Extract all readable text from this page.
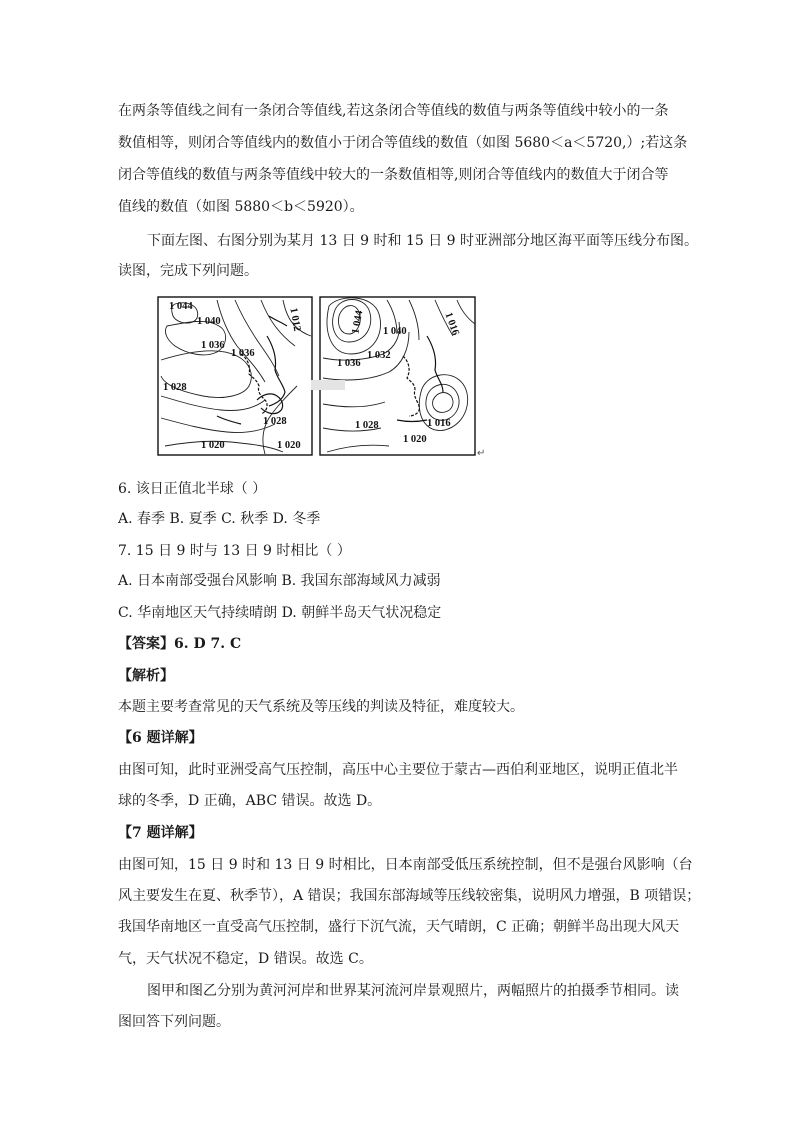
在两条等值线之间有一条闭合等值线,若这条闭合等值线的数值与两条等值线中较小的一条
数值相等，则闭合等值线内的数值小于闭合等值线的数值（如图 5680＜a＜5720,）;若这条
闭合等值线的数值与两条等值线中较大的一条数值相等,则闭合等值线内的数值大于闭合等
值线的数值（如图 5880＜b＜5920）。
下面左图、右图分别为某月 13 日 9 时和 15 日 9 时亚洲部分地区海平面等压线分布图。
读图，完成下列问题。
1 044
1 040
1 036
1 036
1 028
1 028
1 020	1 020
1 012	1 044 1 040
1 032
1 036
1 028	1 016
1 020
1 016
↵
6. 该日正值北半球（ ）
A. 春季 B. 夏季 C. 秋季 D. 冬季
7. 15 日 9 时与 13 日 9 时相比（ ）
A. 日本南部受强台风影响 B. 我国东部海域风力减弱
C. 华南地区天气持续晴朗 D. 朝鲜半岛天气状况稳定
【答案】6. D 7. C
【解析】
本题主要考查常见的天气系统及等压线的判读及特征，难度较大。
【6 题详解】
由图可知，此时亚洲受高气压控制，高压中心主要位于蒙古—西伯利亚地区，说明正值北半
球的冬季，D 正确，ABC 错误。故选 D。
【7 题详解】
由图可知，15 日 9 时和 13 日 9 时相比，日本南部受低压系统控制，但不是强台风影响（台
风主要发生在夏、秋季节），A 错误；我国东部海域等压线较密集，说明风力增强，B 项错误；
我国华南地区一直受高气压控制，盛行下沉气流，天气晴朗，C 正确；朝鲜半岛出现大风天
气，天气状况不稳定，D 错误。故选 C。
图甲和图乙分别为黄河河岸和世界某河流河岸景观照片，两幅照片的拍摄季节相同。读
图回答下列问题。
